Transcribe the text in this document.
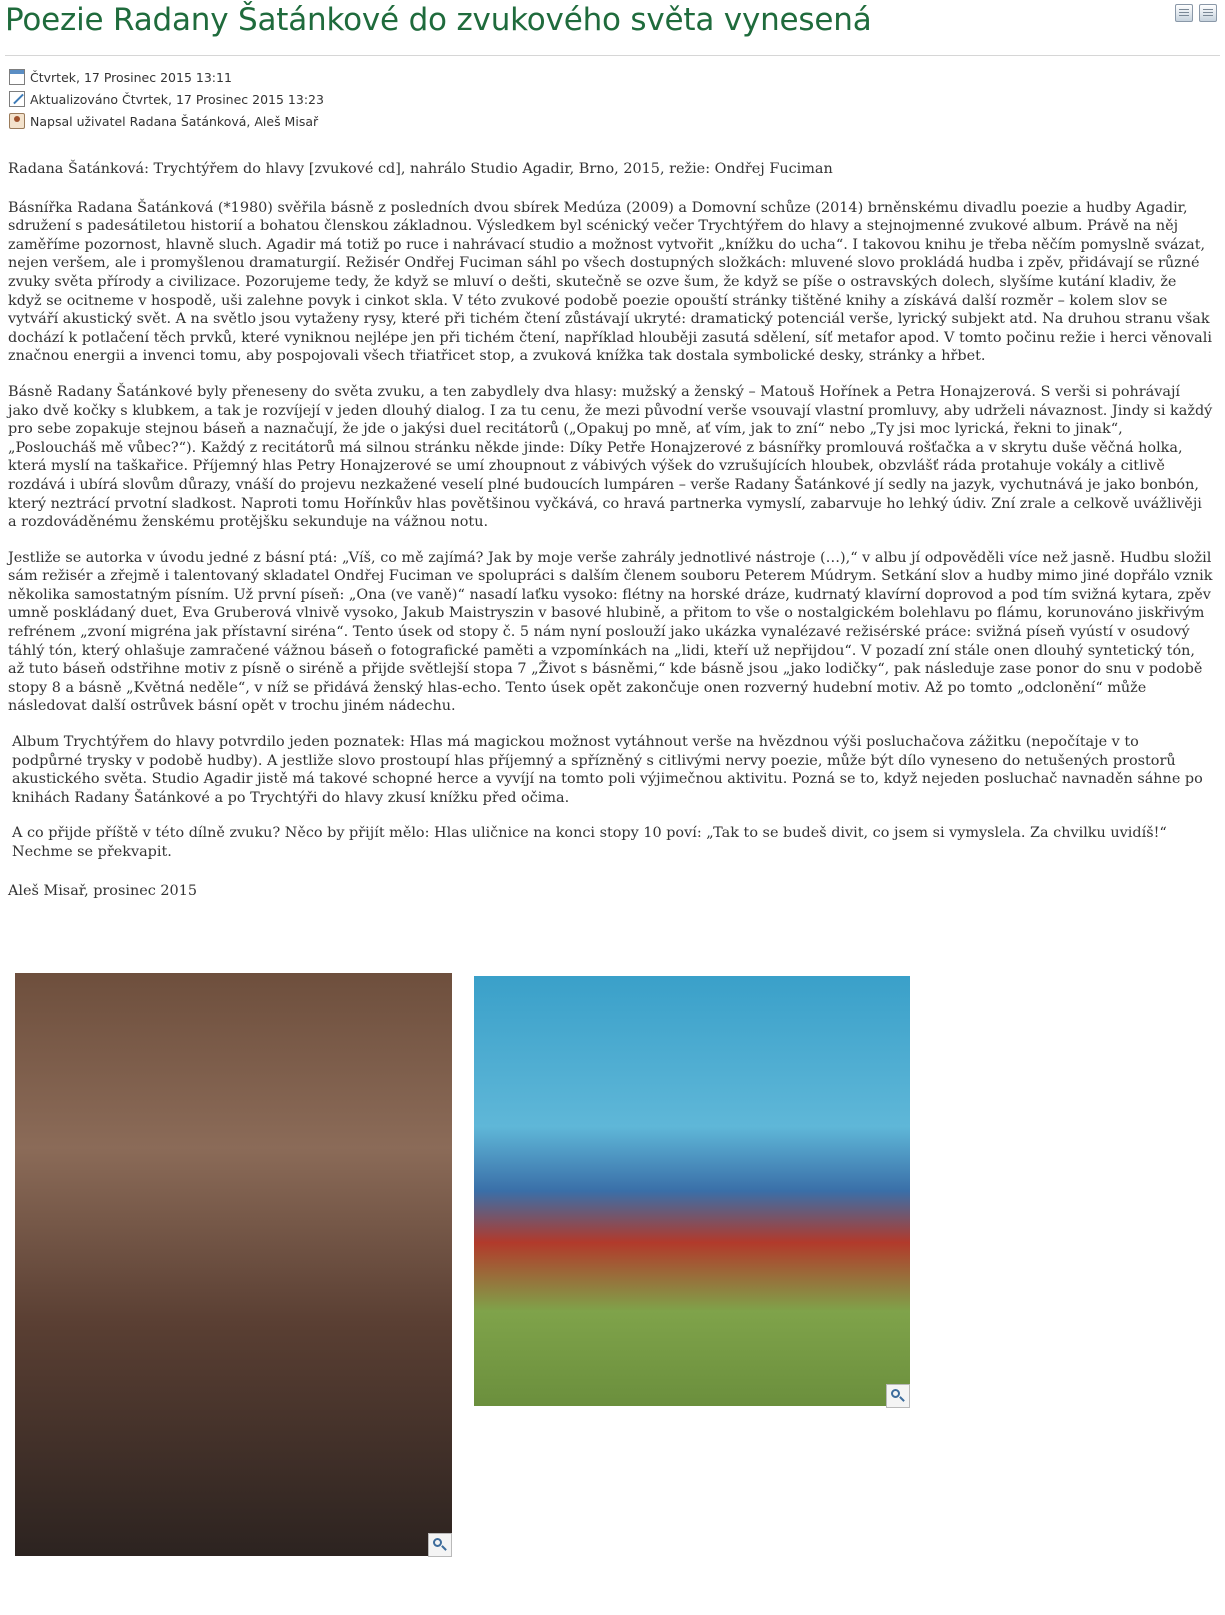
Poezie Radany Šatánkové do zvukového světa vynesená
Čtvrtek, 17 Prosinec 2015 13:11
Aktualizováno Čtvrtek, 17 Prosinec 2015 13:23
Napsal uživatel Radana Šatánková, Aleš Misař

Radana Šatánková: Trychtýřem do hlavy [zvukové cd], nahrálo Studio Agadir, Brno, 2015, režie: Ondřej Fuciman

Básnířka Radana Šatánková (*1980) svěřila básně z posledních dvou sbírek Medúza (2009) a Domovní schůze (2014) brněnskému divadlu poezie a hudby Agadir, sdružení s padesátiletou historií a bohatou členskou základnou. Výsledkem byl scénický večer Trychtýřem do hlavy a stejnojmenné zvukové album. Právě na něj zaměříme pozornost, hlavně sluch. Agadir má totiž po ruce i nahrávací studio a možnost vytvořit „knížku do ucha“. I takovou knihu je třeba něčím pomyslně svázat, nejen veršem, ale i promyšlenou dramaturgií. Režisér Ondřej Fuciman sáhl po všech dostupných složkách: mluvené slovo prokládá hudba i zpěv, přidávají se různé zvuky světa přírody a civilizace. Pozorujeme tedy, že když se mluví o dešti, skutečně se ozve šum, že když se píše o ostravských dolech, slyšíme kutání kladiv, že když se ocitneme v hospodě, uši zalehne povyk i cinkot skla. V této zvukové podobě poezie opouští stránky tištěné knihy a získává další rozměr – kolem slov se vytváří akustický svět. A na světlo jsou vytaženy rysy, které při tichém čtení zůstávají ukryté: dramatický potenciál verše, lyrický subjekt atd. Na druhou stranu však dochází k potlačení těch prvků, které vyniknou nejlépe jen při tichém čtení, například hlouběji zasutá sdělení, síť metafor apod. V tomto počinu režie i herci věnovali značnou energii a invenci tomu, aby pospojovali všech třiatřicet stop, a zvuková knížka tak dostala symbolické desky, stránky a hřbet.

Básně Radany Šatánkové byly přeneseny do světa zvuku, a ten zabydlely dva hlasy: mužský a ženský – Matouš Hořínek a Petra Honajzerová. S verši si pohrávají jako dvě kočky s klubkem, a tak je rozvíjejí v jeden dlouhý dialog. I za tu cenu, že mezi původní verše vsouvají vlastní promluvy, aby udrželi návaznost. Jindy si každý pro sebe zopakuje stejnou báseň a naznačují, že jde o jakýsi duel recitátorů („Opakuj po mně, ať vím, jak to zní“ nebo „Ty jsi moc lyrická, řekni to jinak“, „Posloucháš mě vůbec?“). Každý z recitátorů má silnou stránku někde jinde: Díky Petře Honajzerové z básnířky promlouvá rošťačka a v skrytu duše věčná holka, která myslí na taškařice. Příjemný hlas Petry Honajzerové se umí zhoupnout z vábivých výšek do vzrušujících hloubek, obzvlášť ráda protahuje vokály a citlivě rozdává i ubírá slovům důrazy, vnáší do projevu nezkažené veselí plné budoucích lumpáren – verše Radany Šatánkové jí sedly na jazyk, vychutnává je jako bonbón, který neztrácí prvotní sladkost. Naproti tomu Hořínkův hlas povětšinou vyčkává, co hravá partnerka vymyslí, zabarvuje ho lehký údiv. Zní zrale a celkově uvážlivěji a rozdováděnému ženskému protějšku sekunduje na vážnou notu.

Jestliže se autorka v úvodu jedné z básní ptá: „Víš, co mě zajímá? Jak by moje verše zahrály jednotlivé nástroje (…),“ v albu jí odpověděli více než jasně. Hudbu složil sám režisér a zřejmě i talentovaný skladatel Ondřej Fuciman ve spolupráci s dalším členem souboru Peterem Múdrym. Setkání slov a hudby mimo jiné dopřálo vznik několika samostatným písním. Už první píseň: „Ona (ve vaně)“ nasadí laťku vysoko: flétny na horské dráze, kudrnatý klavírní doprovod a pod tím svižná kytara, zpěv umně poskládaný duet, Eva Gruberová vlnivě vysoko, Jakub Maistryszin v basové hlubině, a přitom to vše o nostalgickém bolehlavu po flámu, korunováno jiskřivým refrénem „zvoní migréna jak přístavní siréna“. Tento úsek od stopy č. 5 nám nyní poslouží jako ukázka vynalézavé režisérské práce: svižná píseň vyústí v osudový táhlý tón, který ohlašuje zamračené vážnou báseň o fotografické paměti a vzpomínkách na „lidi, kteří už nepřijdou“. V pozadí zní stále onen dlouhý syntetický tón, až tuto báseň odstřihne motiv z písně o siréně a přijde světlejší stopa 7 „Život s básněmi,“ kde básně jsou „jako lodičky“, pak následuje zase ponor do snu v podobě stopy 8 a básně „Květná neděle“, v níž se přidává ženský hlas-echo. Tento úsek opět zakončuje onen rozverný hudební motiv. Až po tomto „odclonění“ může následovat další ostrůvek básní opět v trochu jiném nádechu.

Album Trychtýřem do hlavy potvrdilo jeden poznatek: Hlas má magickou možnost vytáhnout verše na hvězdnou výši posluchačova zážitku (nepočítaje v to podpůrné trysky v podobě hudby). A jestliže slovo prostoupí hlas příjemný a spřízněný s citlivými nervy poezie, může být dílo vyneseno do netušených prostorů akustického světa. Studio Agadir jistě má takové schopné herce a vyvíjí na tomto poli výjimečnou aktivitu. Pozná se to, když nejeden posluchač navnaděn sáhne po knihách Radany Šatánkové a po Trychtýři do hlavy zkusí knížku před očima.

A co přijde příště v této dílně zvuku? Něco by přijít mělo: Hlas uličnice na konci stopy 10 poví: „Tak to se budeš divit, co jsem si vymyslela. Za chvilku uvidíš!“ Nechme se překvapit.

Aleš Misař, prosinec 2015
